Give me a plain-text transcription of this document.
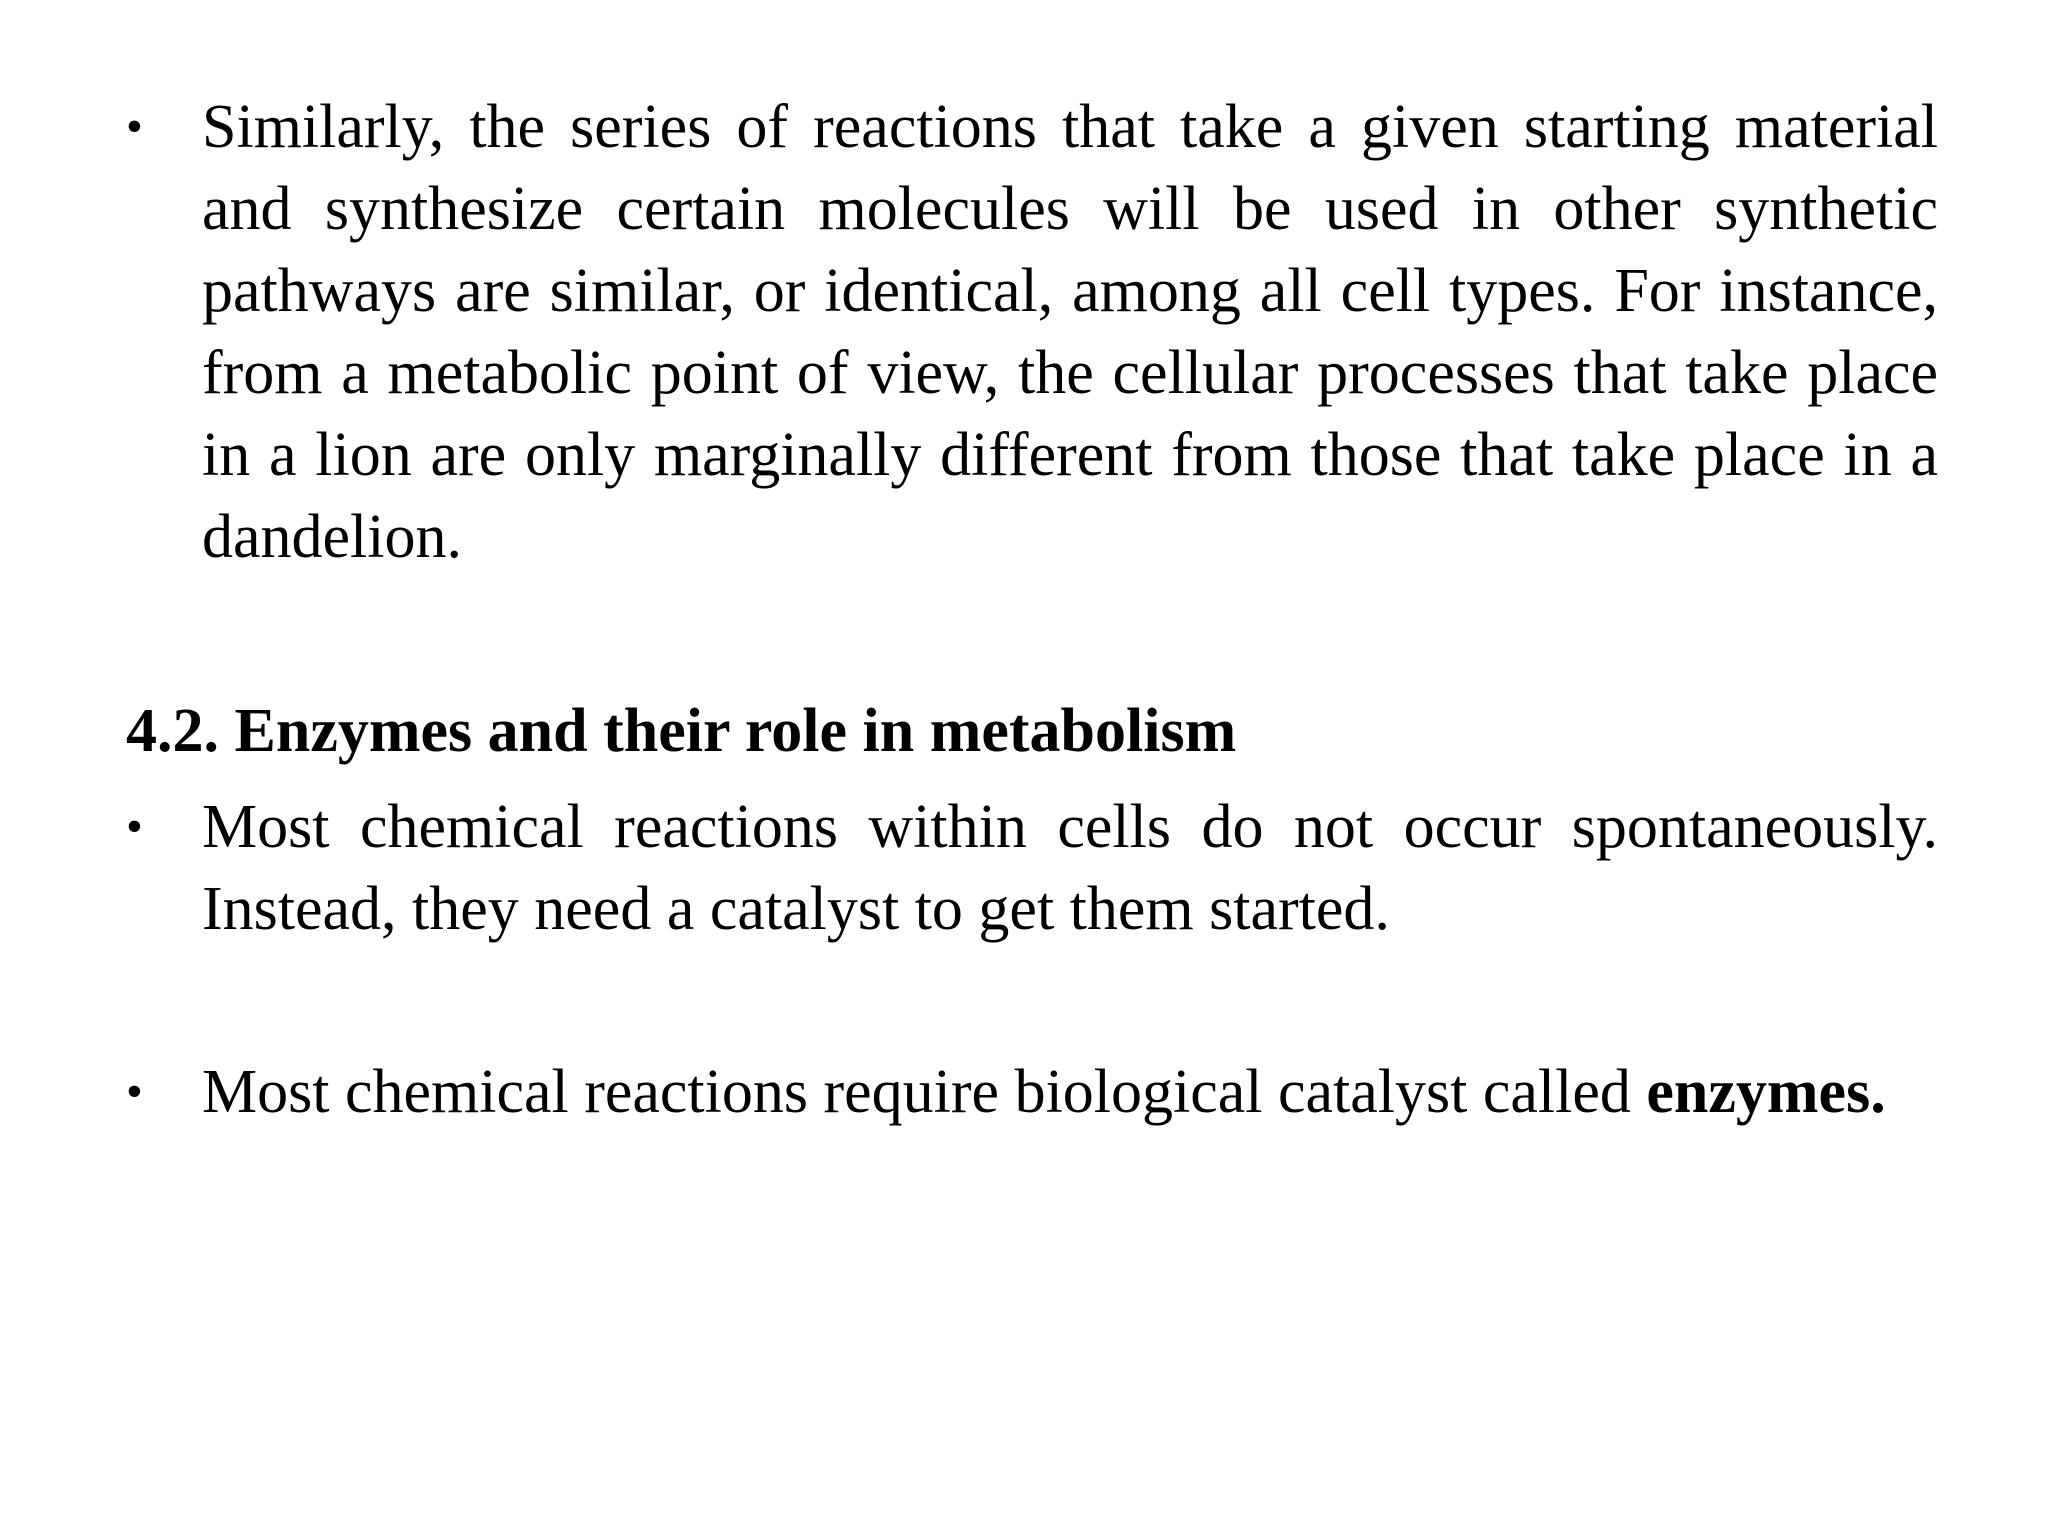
• Similarly, the series of reactions that take a given starting material and synthesize certain molecules will be used in other synthetic pathways are similar, or identical, among all cell types. For instance, from a metabolic point of view, the cellular processes that take place in a lion are only marginally different from those that take place in a dandelion.
4.2. Enzymes and their role in metabolism
• Most chemical reactions within cells do not occur spontaneously. Instead, they need a catalyst to get them started.
• Most chemical reactions require biological catalyst called enzymes.
